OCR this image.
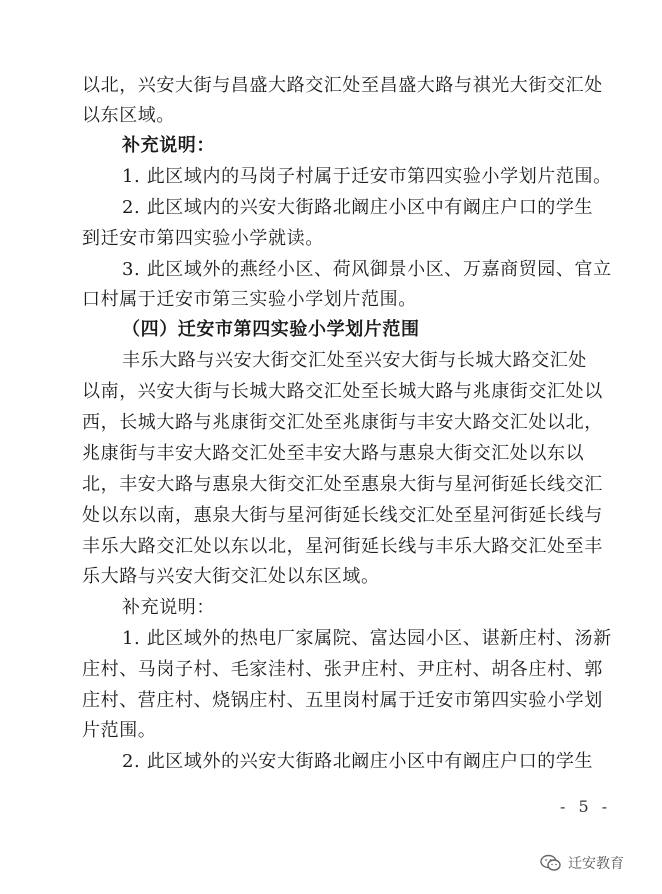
以北，兴安大街与昌盛大路交汇处至昌盛大路与祺光大街交汇处
以东区域。
补充说明：
1. 此区域内的马岗子村属于迁安市第四实验小学划片范围。
2. 此区域内的兴安大街路北阚庄小区中有阚庄户口的学生
到迁安市第四实验小学就读。
3. 此区域外的燕经小区、荷风御景小区、万嘉商贸园、官立
口村属于迁安市第三实验小学划片范围。
（四）迁安市第四实验小学划片范围
丰乐大路与兴安大街交汇处至兴安大街与长城大路交汇处
以南，兴安大街与长城大路交汇处至长城大路与兆康街交汇处以
西，长城大路与兆康街交汇处至兆康街与丰安大路交汇处以北，
兆康街与丰安大路交汇处至丰安大路与惠泉大街交汇处以东以
北，丰安大路与惠泉大街交汇处至惠泉大街与星河街延长线交汇
处以东以南，惠泉大街与星河街延长线交汇处至星河街延长线与
丰乐大路交汇处以东以北，星河街延长线与丰乐大路交汇处至丰
乐大路与兴安大街交汇处以东区域。
补充说明：
1. 此区域外的热电厂家属院、富达园小区、谌新庄村、汤新
庄村、马岗子村、毛家洼村、张尹庄村、尹庄村、胡各庄村、郭
庄村、营庄村、烧锅庄村、五里岗村属于迁安市第四实验小学划
片范围。
2. 此区域外的兴安大街路北阚庄小区中有阚庄户口的学生
- 5 -
迁安教育
